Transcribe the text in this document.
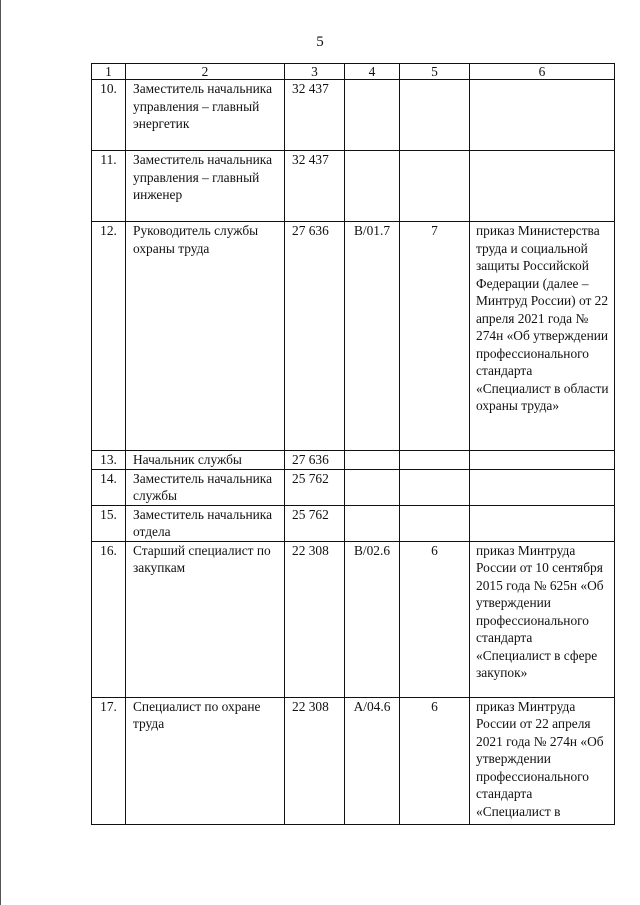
5
1	2	3	4	5	6
10.	Заместитель начальника управления – главный энергетик	32 437			
11.	Заместитель начальника управления – главный инженер	32 437			
12.	Руководитель службы охраны труда	27 636	В/01.7	7	приказ Министерства труда и социальной защиты Российской Федерации (далее – Минтруд России) от 22 апреля 2021 года № 274н «Об утверждении профессионального стандарта «Специалист в области охраны труда»
13.	Начальник службы	27 636			
14.	Заместитель начальника службы	25 762			
15.	Заместитель начальника отдела	25 762			
16.	Старший специалист по закупкам	22 308	В/02.6	6	приказ Минтруда России от 10 сентября 2015 года № 625н «Об утверждении профессионального стандарта «Специалист в сфере закупок»
17.	Специалист по охране труда	22 308	А/04.6	6	приказ Минтруда России от 22 апреля 2021 года № 274н «Об утверждении профессионального стандарта «Специалист в
